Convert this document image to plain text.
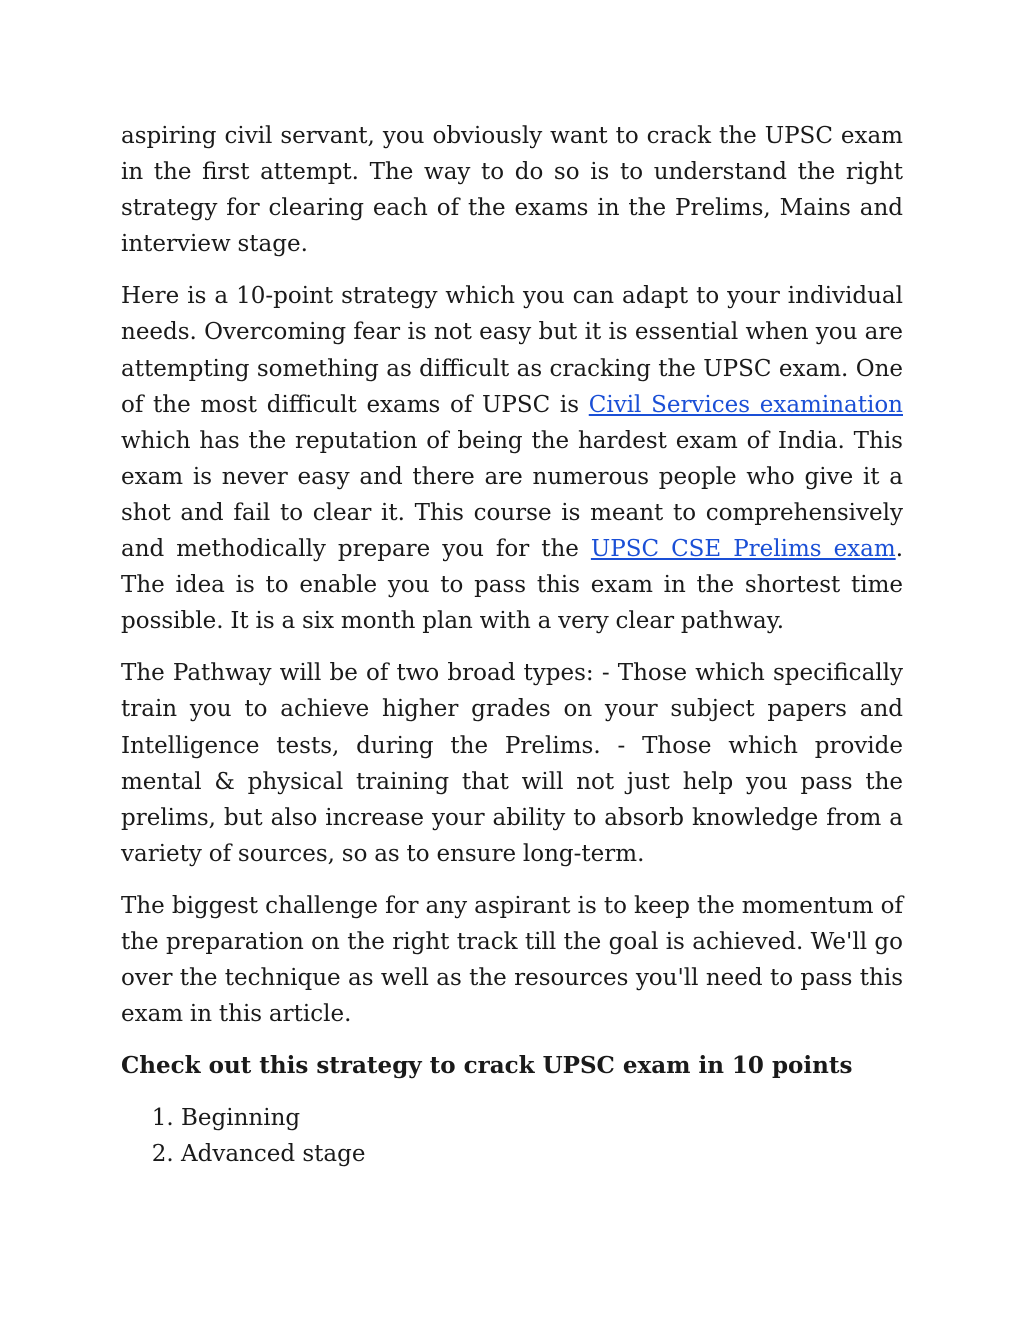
aspiring civil servant, you obviously want to crack the UPSC exam in the first attempt. The way to do so is to understand the right strategy for clearing each of the exams in the Prelims, Mains and interview stage.

Here is a 10-point strategy which you can adapt to your individual needs. Overcoming fear is not easy but it is essential when you are attempting something as difficult as cracking the UPSC exam. One of the most difficult exams of UPSC is Civil Services examination which has the reputation of being the hardest exam of India. This exam is never easy and there are numerous people who give it a shot and fail to clear it. This course is meant to comprehensively and methodically prepare you for the UPSC CSE Prelims exam. The idea is to enable you to pass this exam in the shortest time possible. It is a six month plan with a very clear pathway.

The Pathway will be of two broad types: - Those which specifically train you to achieve higher grades on your subject papers and Intelligence tests, during the Prelims. - Those which provide mental & physical training that will not just help you pass the prelims, but also increase your ability to absorb knowledge from a variety of sources, so as to ensure long-term.

The biggest challenge for any aspirant is to keep the momentum of the preparation on the right track till the goal is achieved. We'll go over the technique as well as the resources you'll need to pass this exam in this article.

Check out this strategy to crack UPSC exam in 10 points
1. Beginning
2. Advanced stage
